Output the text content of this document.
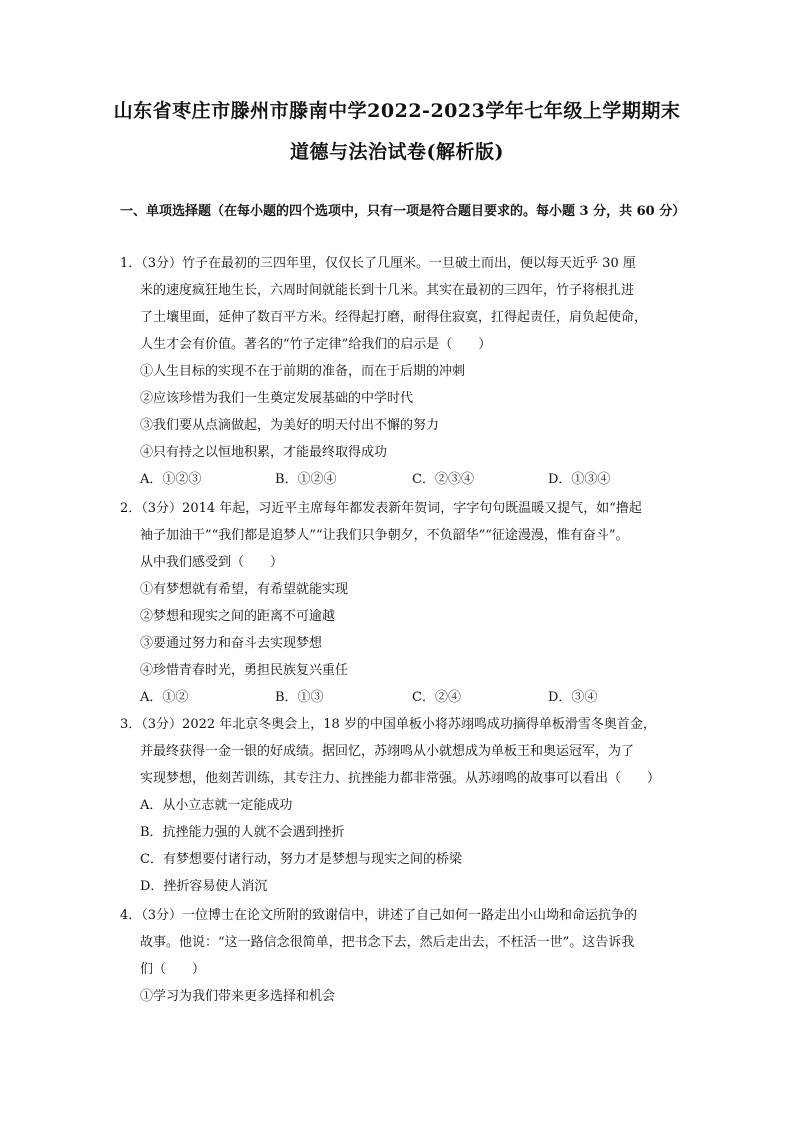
山东省枣庄市滕州市滕南中学2022-2023学年七年级上学期期末
道德与法治试卷(解析版)
一、单项选择题（在每小题的四个选项中，只有一项是符合题目要求的。每小题 3 分，共 60 分）
1．（3分）竹子在最初的三四年里，仅仅长了几厘米。一旦破土而出，便以每天近乎 30 厘
米的速度疯狂地生长，六周时间就能长到十几米。其实在最初的三四年，竹子将根扎进
了土壤里面，延伸了数百平方米。经得起打磨，耐得住寂寞，扛得起责任，肩负起使命，
人生才会有价值。著名的“竹子定律”给我们的启示是（　　）
①人生目标的实现不在于前期的准备，而在于后期的冲刺
②应该珍惜为我们一生奠定发展基础的中学时代
③我们要从点滴做起，为美好的明天付出不懈的努力
④只有持之以恒地积累，才能最终取得成功
A．①②③	B．①②④	C．②③④	D．①③④
2．（3分）2014 年起，习近平主席每年都发表新年贺词，字字句句既温暖又提气，如“撸起
袖子加油干”“我们都是追梦人”“让我们只争朝夕，不负韶华”“征途漫漫，惟有奋斗”。
从中我们感受到（　　）
①有梦想就有希望，有希望就能实现
②梦想和现实之间的距离不可逾越
③要通过努力和奋斗去实现梦想
④珍惜青春时光，勇担民族复兴重任
A．①②	B．①③	C．②④	D．③④
3．（3分）2022 年北京冬奥会上，18 岁的中国单板小将苏翊鸣成功摘得单板滑雪冬奥首金，
并最终获得一金一银的好成绩。据回忆，苏翊鸣从小就想成为单板王和奥运冠军，为了
实现梦想，他刻苦训练，其专注力、抗挫能力都非常强。从苏翊鸣的故事可以看出（　　）
A．从小立志就一定能成功
B．抗挫能力强的人就不会遇到挫折
C．有梦想要付诸行动，努力才是梦想与现实之间的桥梁
D．挫折容易使人消沉
4．（3分）一位博士在论文所附的致谢信中，讲述了自己如何一路走出小山坳和命运抗争的
故事。他说：“这一路信念很简单，把书念下去，然后走出去，不枉活一世”。这告诉我
们（　　）
①学习为我们带来更多选择和机会
